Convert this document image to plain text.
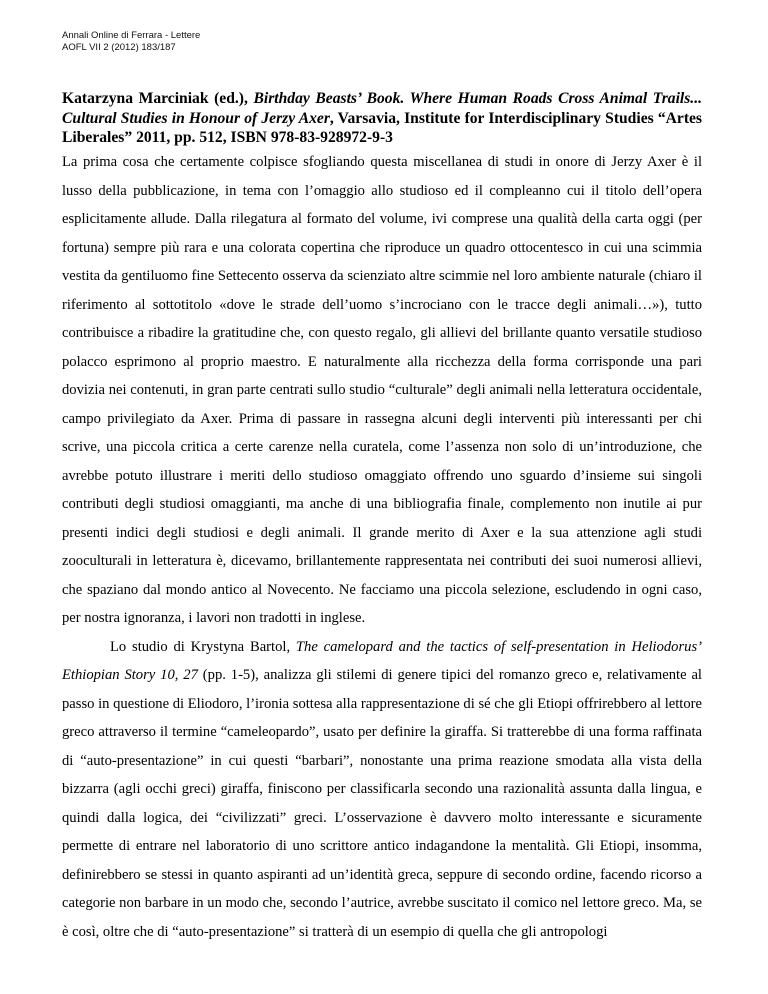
Annali Online di Ferrara - Lettere
AOFL VII 2 (2012) 183/187
Katarzyna Marciniak (ed.), Birthday Beasts’ Book. Where Human Roads Cross Animal Trails... Cultural Studies in Honour of Jerzy Axer, Varsavia, Institute for Interdisciplinary Studies “Artes Liberales” 2011, pp. 512, ISBN 978-83-928972-9-3

La prima cosa che certamente colpisce sfogliando questa miscellanea di studi in onore di Jerzy Axer è il lusso della pubblicazione, in tema con l’omaggio allo studioso ed il compleanno cui il titolo dell’opera esplicitamente allude. Dalla rilegatura al formato del volume, ivi comprese una qualità della carta oggi (per fortuna) sempre più rara e una colorata copertina che riproduce un quadro ottocentesco in cui una scimmia vestita da gentiluomo fine Settecento osserva da scienziato altre scimmie nel loro ambiente naturale (chiaro il riferimento al sottotitolo «dove le strade dell’uomo s’incrociano con le tracce degli animali…»), tutto contribuisce a ribadire la gratitudine che, con questo regalo, gli allievi del brillante quanto versatile studioso polacco esprimono al proprio maestro. E naturalmente alla ricchezza della forma corrisponde una pari dovizia nei contenuti, in gran parte centrati sullo studio “culturale” degli animali nella letteratura occidentale, campo privilegiato da Axer. Prima di passare in rassegna alcuni degli interventi più interessanti per chi scrive, una piccola critica a certe carenze nella curatela, come l’assenza non solo di un’introduzione, che avrebbe potuto illustrare i meriti dello studioso omaggiato offrendo uno sguardo d’insieme sui singoli contributi degli studiosi omaggianti, ma anche di una bibliografia finale, complemento non inutile ai pur presenti indici degli studiosi e degli animali. Il grande merito di Axer e la sua attenzione agli studi zooculturali in letteratura è, dicevamo, brillantemente rappresentata nei contributi dei suoi numerosi allievi, che spaziano dal mondo antico al Novecento. Ne facciamo una piccola selezione, escludendo in ogni caso, per nostra ignoranza, i lavori non tradotti in inglese.

Lo studio di Krystyna Bartol, The camelopard and the tactics of self-presentation in Heliodorus’ Ethiopian Story 10, 27 (pp. 1-5), analizza gli stilemi di genere tipici del romanzo greco e, relativamente al passo in questione di Eliodoro, l’ironia sottesa alla rappresentazione di sé che gli Etiopi offrirebbero al lettore greco attraverso il termine “cameleopardo”, usato per definire la giraffa. Si tratterebbe di una forma raffinata di “auto-presentazione” in cui questi “barbari”, nonostante una prima reazione smodata alla vista della bizzarra (agli occhi greci) giraffa, finiscono per classificarla secondo una razionalità assunta dalla lingua, e quindi dalla logica, dei “civilizzati” greci. L’osservazione è davvero molto interessante e sicuramente permette di entrare nel laboratorio di uno scrittore antico indagandone la mentalità. Gli Etiopi, insomma, definirebbero se stessi in quanto aspiranti ad un’identità greca, seppure di secondo ordine, facendo ricorso a categorie non barbare in un modo che, secondo l’autrice, avrebbe suscitato il comico nel lettore greco. Ma, se è così, oltre che di “auto-presentazione” si tratterà di un esempio di quella che gli antropologi
